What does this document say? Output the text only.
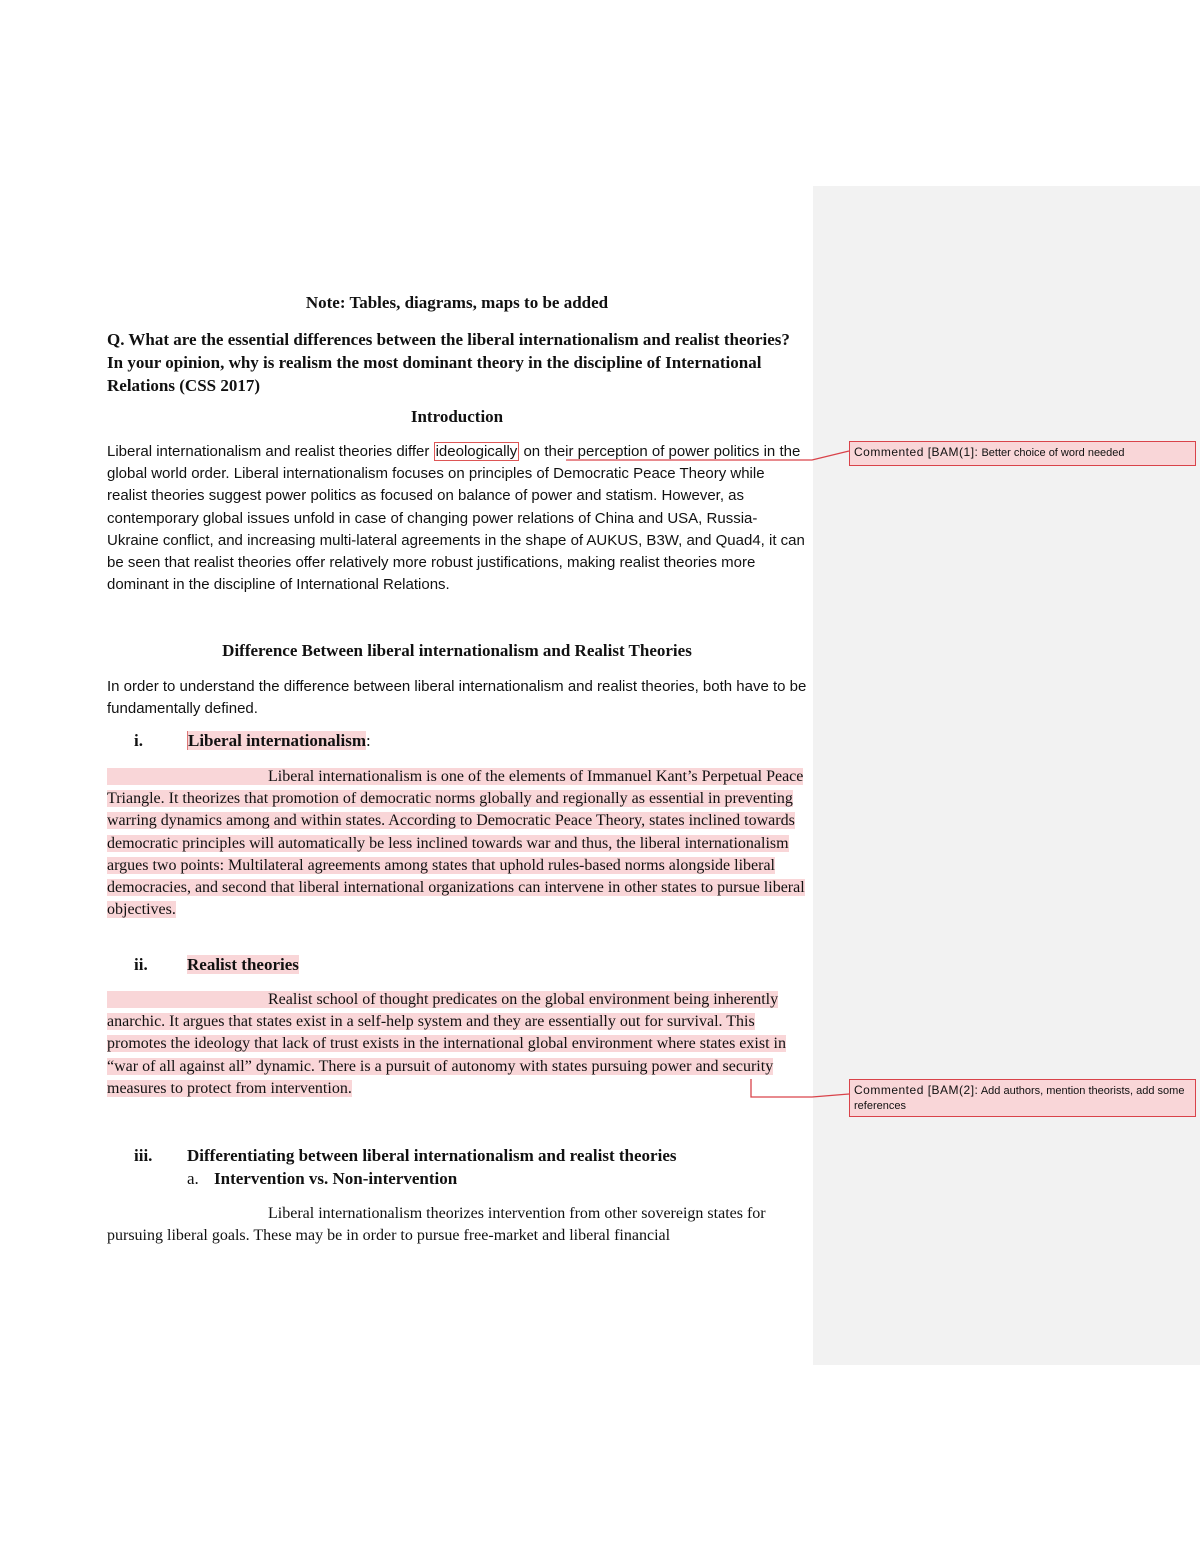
Note: Tables, diagrams, maps to be added
Q. What are the essential differences between the liberal internationalism and realist theories? In your opinion, why is realism the most dominant theory in the discipline of International Relations (CSS 2017)
Introduction
Liberal internationalism and realist theories differ ideologically on their perception of power politics in the global world order. Liberal internationalism focuses on principles of Democratic Peace Theory while realist theories suggest power politics as focused on balance of power and statism. However, as contemporary global issues unfold in case of changing power relations of China and USA, Russia-Ukraine conflict, and increasing multi-lateral agreements in the shape of AUKUS, B3W, and Quad4, it can be seen that realist theories offer relatively more robust justifications, making realist theories more dominant in the discipline of International Relations.
Difference Between liberal internationalism and Realist Theories
In order to understand the difference between liberal internationalism and realist theories, both have to be fundamentally defined.
i.	Liberal internationalism:
Liberal internationalism is one of the elements of Immanuel Kant’s Perpetual Peace Triangle. It theorizes that promotion of democratic norms globally and regionally as essential in preventing warring dynamics among and within states. According to Democratic Peace Theory, states inclined towards democratic principles will automatically be less inclined towards war and thus, the liberal internationalism argues two points: Multilateral agreements among states that uphold rules-based norms alongside liberal democracies, and second that liberal international organizations can intervene in other states to pursue liberal objectives.
ii. Realist theories
Realist school of thought predicates on the global environment being inherently anarchic. It argues that states exist in a self-help system and they are essentially out for survival. This promotes the ideology that lack of trust exists in the international global environment where states exist in “war of all against all” dynamic. There is a pursuit of autonomy with states pursuing power and security measures to protect from intervention.
iii. Differentiating between liberal internationalism and realist theories
a. Intervention vs. Non-intervention
Liberal internationalism theorizes intervention from other sovereign states for pursuing liberal goals. These may be in order to pursue free-market and liberal financial
Commented [BAM(1]: Better choice of word needed
Commented [BAM(2]: Add authors, mention theorists, add some references
